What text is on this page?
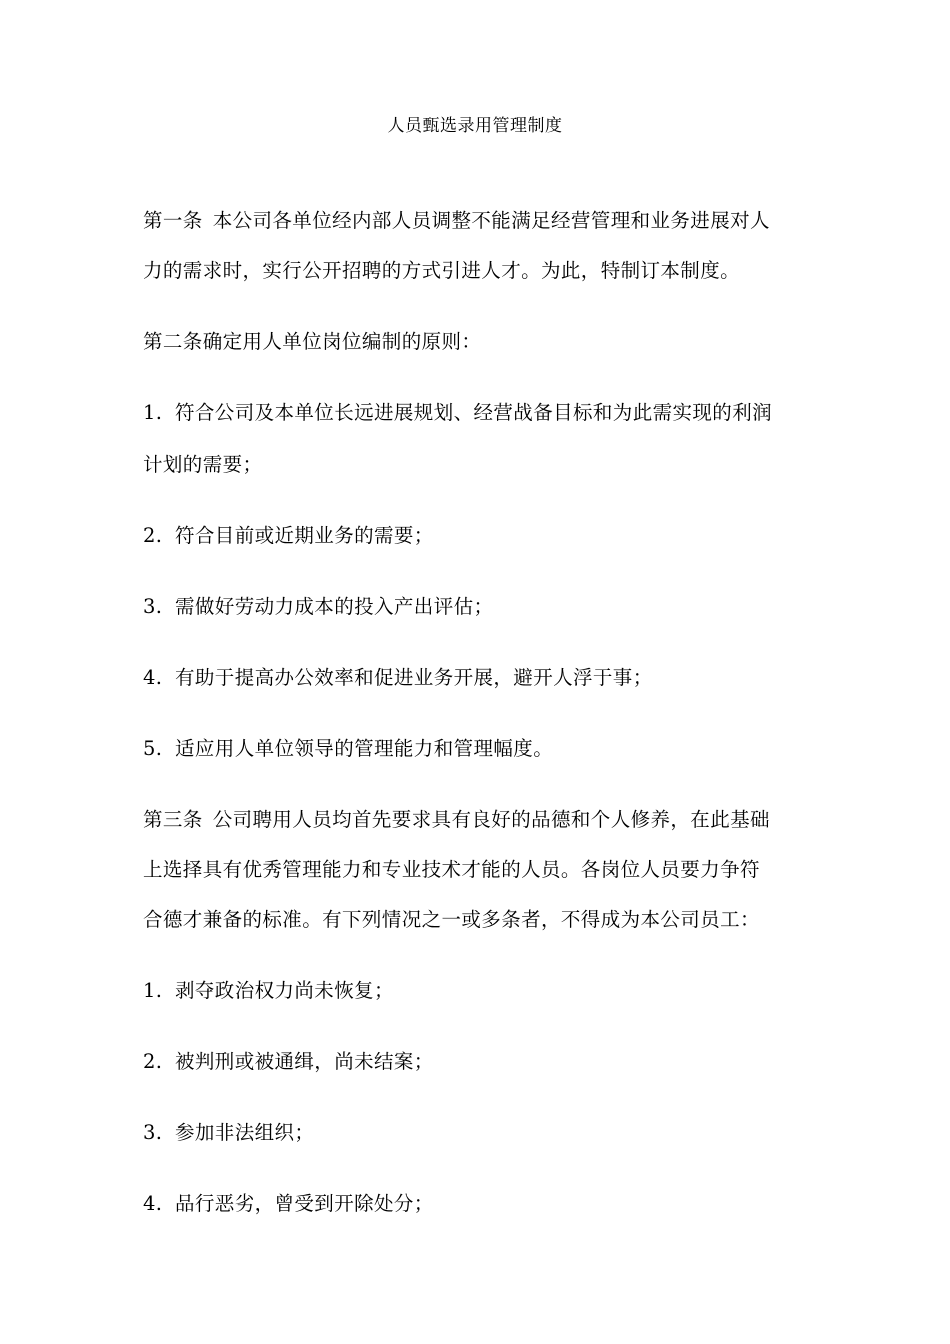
人员甄选录用管理制度
第一条 本公司各单位经内部人员调整不能满足经营管理和业务进展对人
力的需求时，实行公开招聘的方式引进人才。为此，特制订本制度。
第二条确定用人单位岗位编制的原则：
1. 符合公司及本单位长远进展规划、经营战备目标和为此需实现的利润
计划的需要；
2. 符合目前或近期业务的需要；
3. 需做好劳动力成本的投入产出评估；
4. 有助于提高办公效率和促进业务开展，避开人浮于事；
5. 适应用人单位领导的管理能力和管理幅度。
第三条 公司聘用人员均首先要求具有良好的品德和个人修养，在此基础
上选择具有优秀管理能力和专业技术才能的人员。各岗位人员要力争符
合德才兼备的标准。有下列情况之一或多条者，不得成为本公司员工：
1. 剥夺政治权力尚未恢复；
2. 被判刑或被通缉，尚未结案；
3. 参加非法组织；
4. 品行恶劣，曾受到开除处分；
